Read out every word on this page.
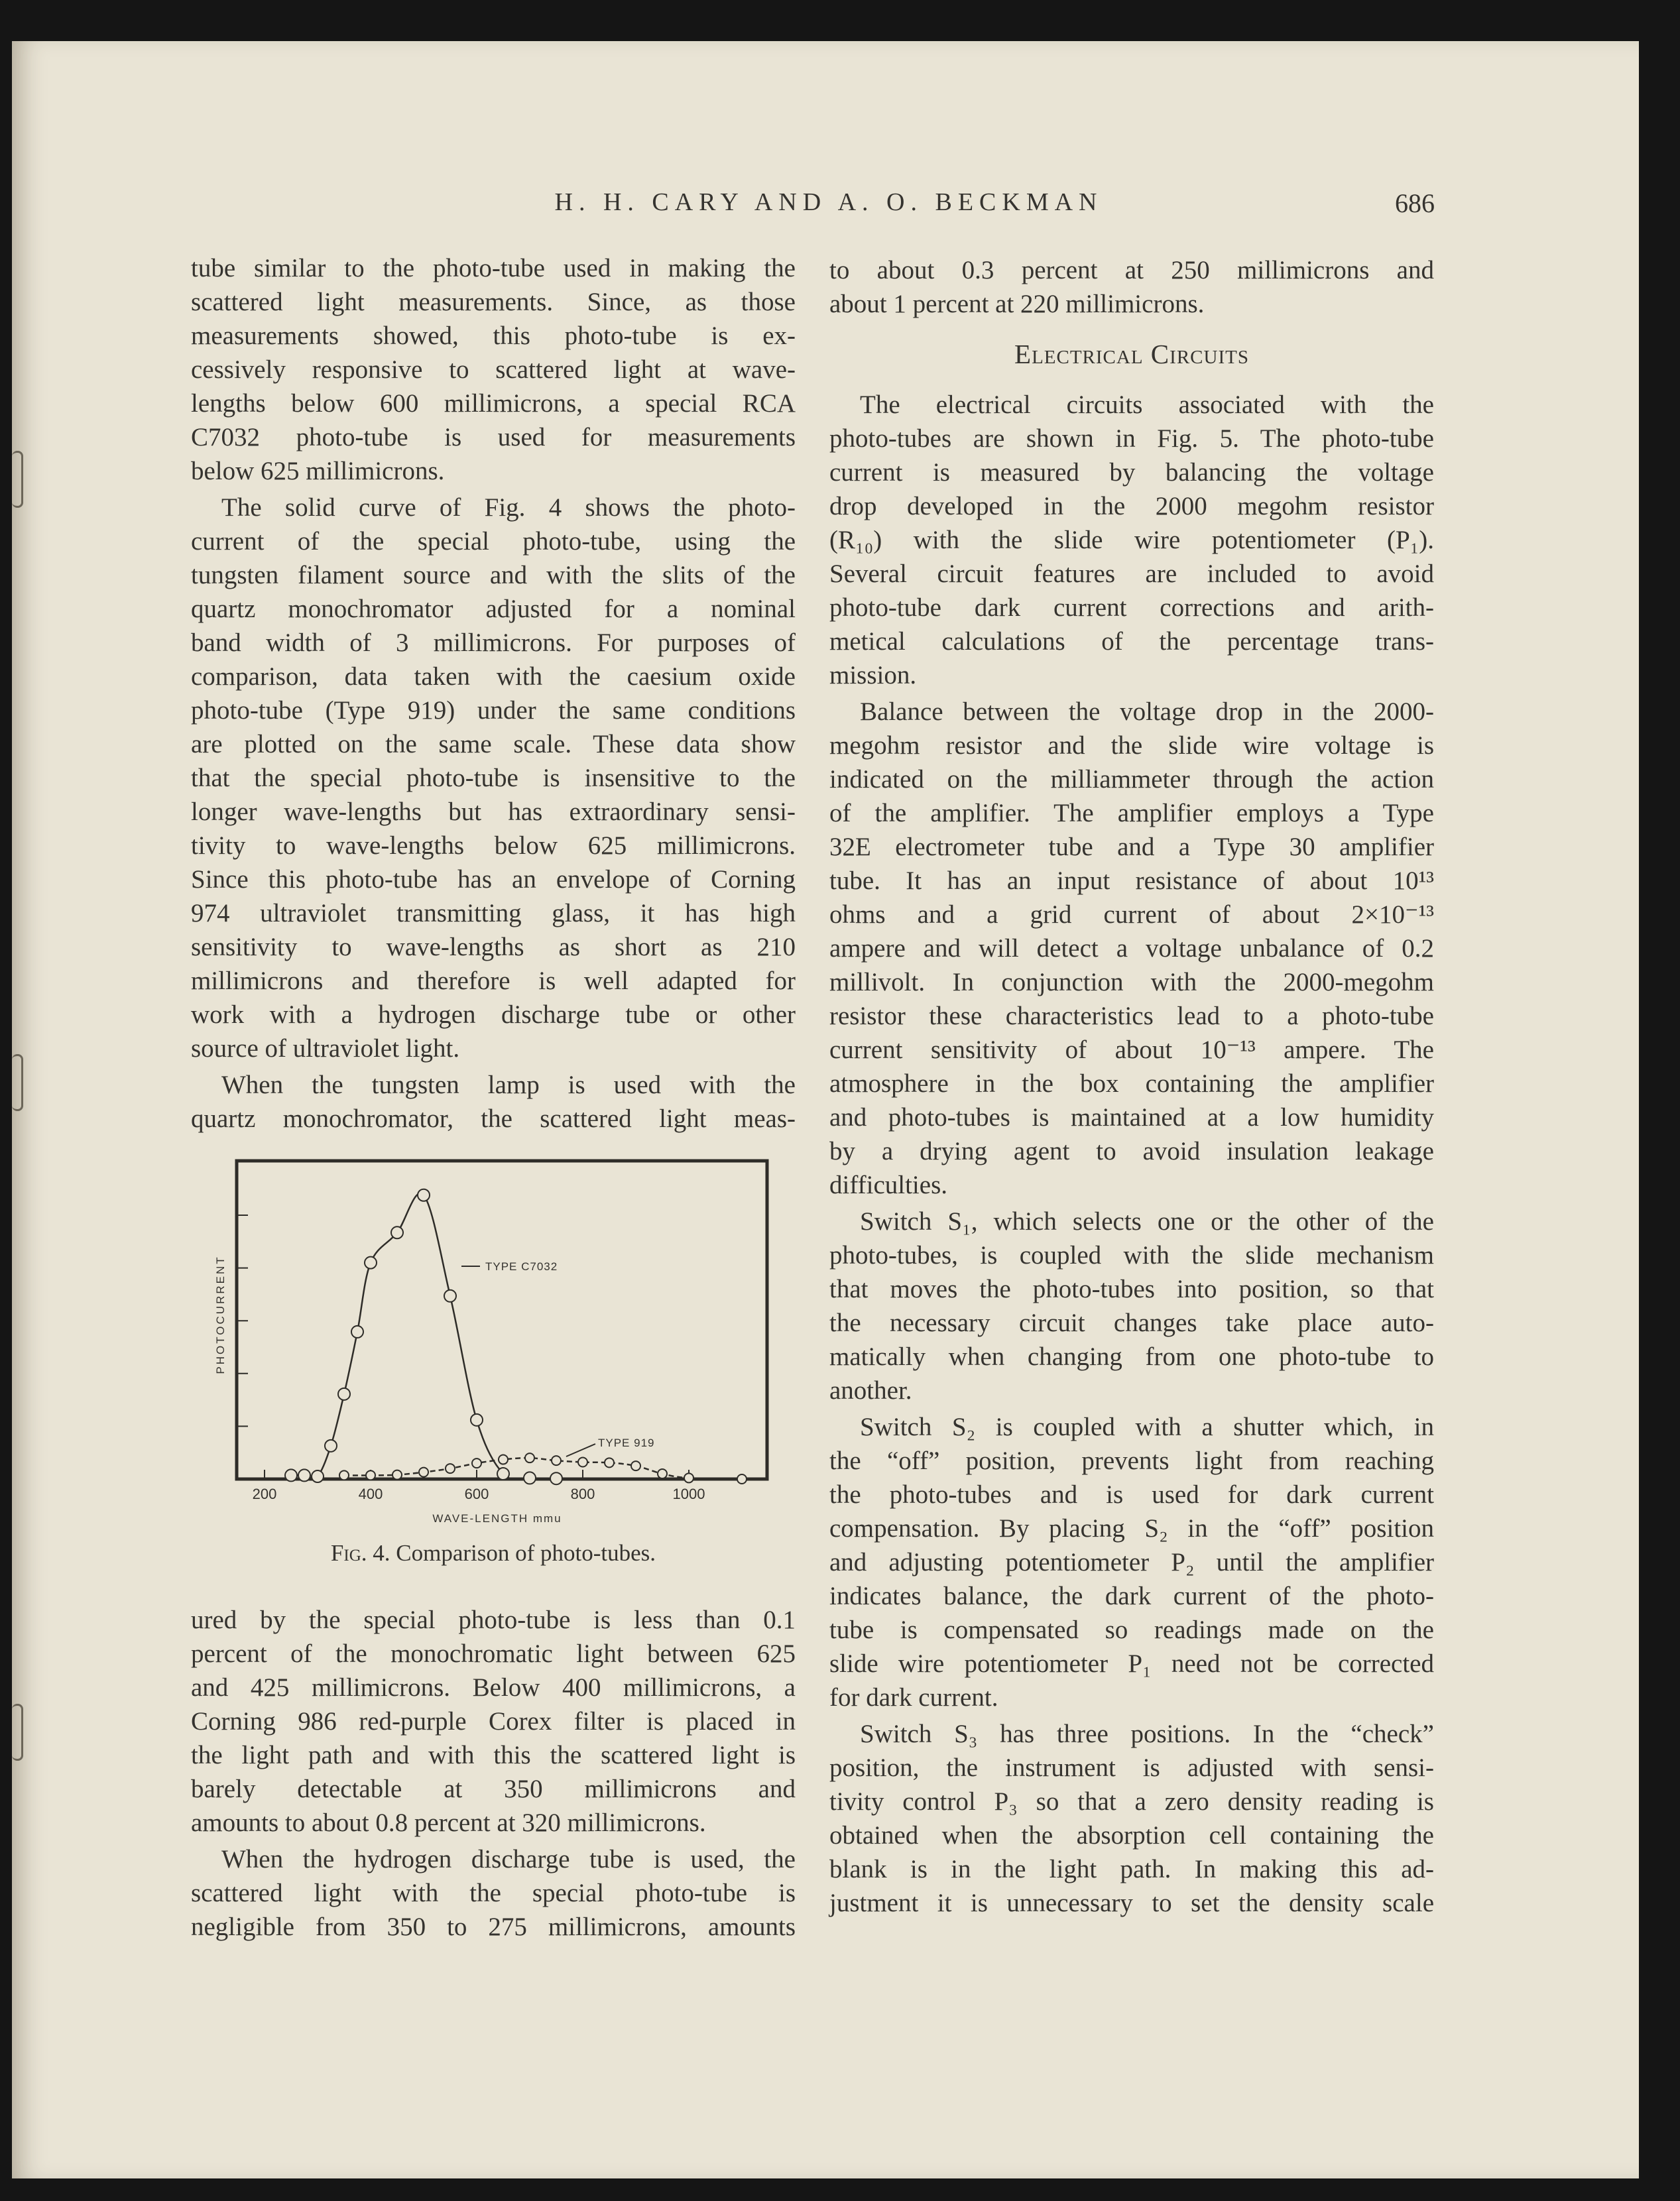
H. H. CARY AND A. O. BECKMAN	686
tube similar to the photo-tube used in making the
scattered light measurements. Since, as those
measurements showed, this photo-tube is ex-
cessively responsive to scattered light at wave-
lengths below 600 millimicrons, a special RCA
C7032 photo-tube is used for measurements
below 625 millimicrons.
The solid curve of Fig. 4 shows the photo-
current of the special photo-tube, using the
tungsten filament source and with the slits of the
quartz monochromator adjusted for a nominal
band width of 3 millimicrons. For purposes of
comparison, data taken with the caesium oxide
photo-tube (Type 919) under the same conditions
are plotted on the same scale. These data show
that the special photo-tube is insensitive to the
longer wave-lengths but has extraordinary sensi-
tivity to wave-lengths below 625 millimicrons.
Since this photo-tube has an envelope of Corning
974 ultraviolet transmitting glass, it has high
sensitivity to wave-lengths as short as 210
millimicrons and therefore is well adapted for
work with a hydrogen discharge tube or other
source of ultraviolet light.
When the tungsten lamp is used with the
quartz monochromator, the scattered light meas-
200	400	600	800	1000
PHOTOCURRENT
WAVE-LENGTH mmu
TYPE C7032
TYPE 919
Fig. 4. Comparison of photo-tubes.
ured by the special photo-tube is less than 0.1
percent of the monochromatic light between 625
and 425 millimicrons. Below 400 millimicrons, a
Corning 986 red-purple Corex filter is placed in
the light path and with this the scattered light is
barely detectable at 350 millimicrons and
amounts to about 0.8 percent at 320 millimicrons.
When the hydrogen discharge tube is used, the
scattered light with the special photo-tube is
negligible from 350 to 275 millimicrons, amounts
to about 0.3 percent at 250 millimicrons and
about 1 percent at 220 millimicrons.
Electrical Circuits
The electrical circuits associated with the
photo-tubes are shown in Fig. 5. The photo-tube
current is measured by balancing the voltage
drop developed in the 2000 megohm resistor
(R₁₀) with the slide wire potentiometer (P₁).
Several circuit features are included to avoid
photo-tube dark current corrections and arith-
metical calculations of the percentage trans-
mission.
Balance between the voltage drop in the 2000-
megohm resistor and the slide wire voltage is
indicated on the milliammeter through the action
of the amplifier. The amplifier employs a Type
32E electrometer tube and a Type 30 amplifier
tube. It has an input resistance of about 10¹³
ohms and a grid current of about 2×10⁻¹³
ampere and will detect a voltage unbalance of 0.2
millivolt. In conjunction with the 2000-megohm
resistor these characteristics lead to a photo-tube
current sensitivity of about 10⁻¹³ ampere. The
atmosphere in the box containing the amplifier
and photo-tubes is maintained at a low humidity
by a drying agent to avoid insulation leakage
difficulties.
Switch S₁, which selects one or the other of the
photo-tubes, is coupled with the slide mechanism
that moves the photo-tubes into position, so that
the necessary circuit changes take place auto-
matically when changing from one photo-tube to
another.
Switch S₂ is coupled with a shutter which, in
the “off” position, prevents light from reaching
the photo-tubes and is used for dark current
compensation. By placing S₂ in the “off” position
and adjusting potentiometer P₂ until the amplifier
indicates balance, the dark current of the photo-
tube is compensated so readings made on the
slide wire potentiometer P₁ need not be corrected
for dark current.
Switch S₃ has three positions. In the “check”
position, the instrument is adjusted with sensi-
tivity control P₃ so that a zero density reading is
obtained when the absorption cell containing the
blank is in the light path. In making this ad-
justment it is unnecessary to set the density scale
